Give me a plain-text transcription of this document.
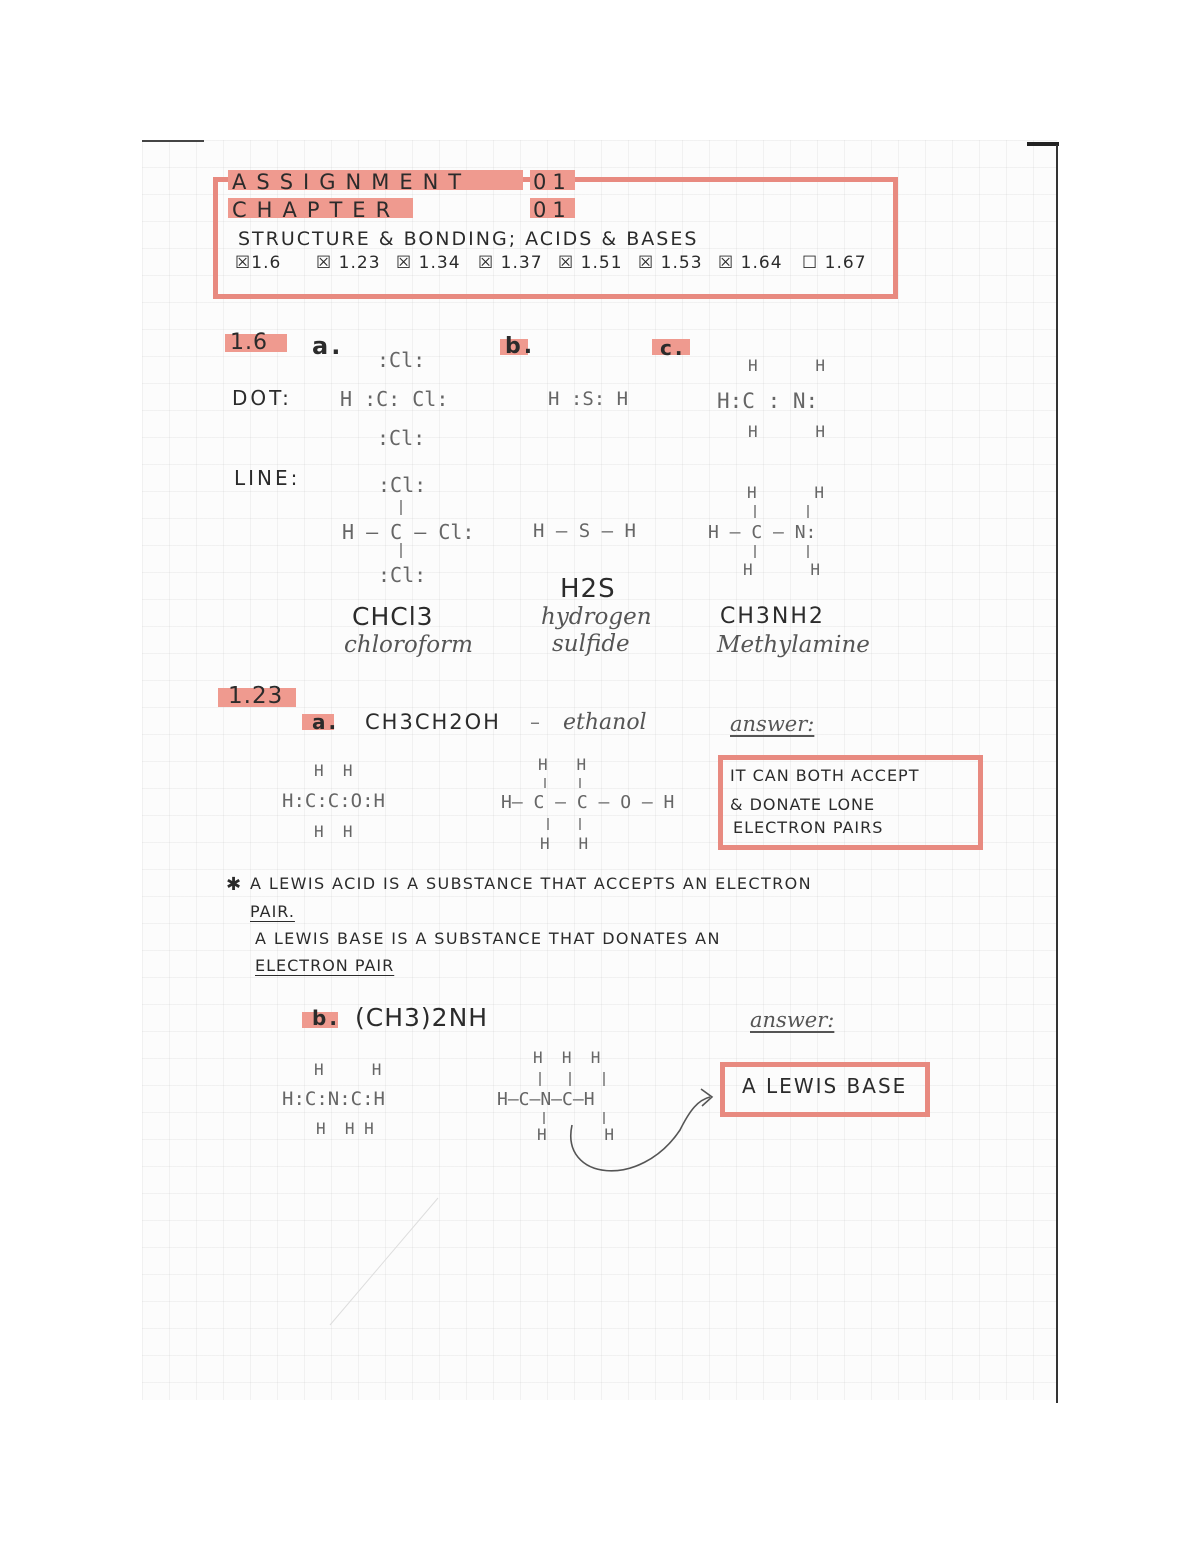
ASSIGNMENT	01
CHAPTER	01
STRUCTURE & BONDING; ACIDS & BASES
☒1.6 ☒ 1.23 ☒ 1.34 ☒ 1.37 ☒ 1.51 ☒ 1.53 ☒ 1.64 ☐ 1.67
1.6 a.	b.	c.
DOT:
LINE:
:Cl:
H :C: Cl:
:Cl:
H :S: H
H      H
H:C : N:
H      H
:Cl:
H – C – Cl:
:Cl:
H – S – H
H      H
H – C – N:
H      H
CHCl3
chloroform
H2S
hydrogen
sulfide
CH3NH2
Methylamine
1.23
a. CH3CH2OH – ethanol	answer:
H  H
H:C:C:O:H
H  H
H   H
H– C – C – O – H
H   H
IT CAN BOTH ACCEPT
& DONATE LONE
ELECTRON PAIRS
✱ A LEWIS ACID IS A SUBSTANCE THAT ACCEPTS AN ELECTRON
PAIR.
A LEWIS BASE IS A SUBSTANCE THAT DONATES AN
ELECTRON PAIR
b. (CH3)2NH	answer:
H     H
H:C:N:C:H
H  H H
H  H  H
H–C–N–C–H
H      H
A LEWIS BASE
